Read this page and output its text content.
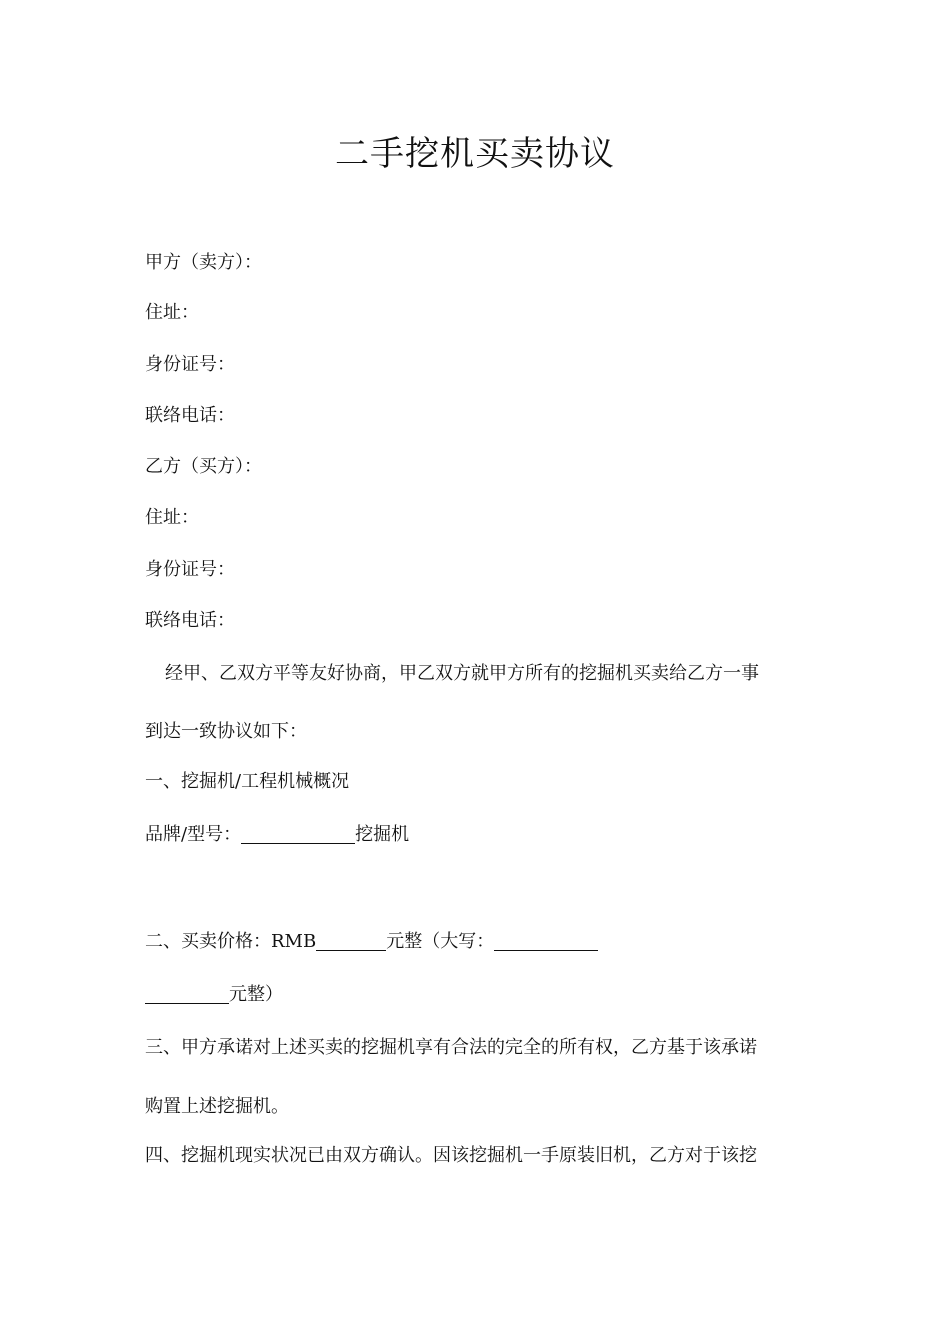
二手挖机买卖协议
甲方（卖方）：
住址：
身份证号：
联络电话：
乙方（买方）：
住址：
身份证号：
联络电话：
经甲、乙双方平等友好协商，甲乙双方就甲方所有的挖掘机买卖给乙方一事
到达一致协议如下：
一、挖掘机/工程机械概况
品牌/型号：	挖掘机
二、买卖价格：RMB	元整（大写：
元整）
三、甲方承诺对上述买卖的挖掘机享有合法的完全的所有权，乙方基于该承诺
购置上述挖掘机。
四、挖掘机现实状况已由双方确认。因该挖掘机一手原装旧机，乙方对于该挖
